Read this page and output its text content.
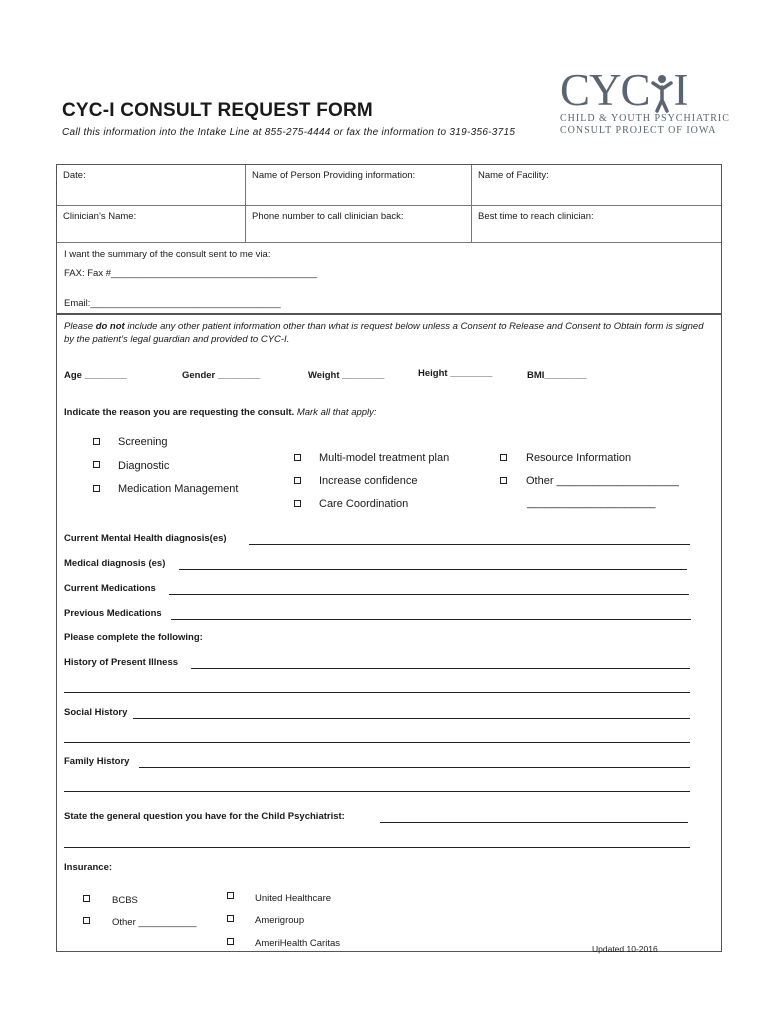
CYC-I CONSULT REQUEST FORM
Call this information into the Intake Line at 855-275-4444 or fax the information to 319-356-3715
CYC I
CHILD & YOUTH PSYCHIATRIC
CONSULT PROJECT OF IOWA
Date:	Name of Person Providing information:	Name of Facility:
Clinician’s Name:	Phone number to call clinician back:	Best time to reach clinician:
I want the summary of the consult sent to me via:
FAX: Fax #_______________________________________
Email:____________________________________
Please do not include any other patient information other than what is request below unless a Consent to Release and Consent to Obtain form is signed by the patient’s legal guardian and provided to CYC-I.
Age ________	Gender ________	Weight ________	Height ________	BMI________
Indicate the reason you are requesting the consult. Mark all that apply:
Screening
Diagnostic
Medication Management
Multi-model treatment plan
Increase confidence
Care Coordination
Resource Information
Other ____________________
_____________________
Current Mental Health diagnosis(es)
Medical diagnosis (es)
Current Medications
Previous Medications
Please complete the following:
History of Present Illness
Social History
Family History
State the general question you have for the Child Psychiatrist:
Insurance:
BCBS
Other ___________
United Healthcare
Amerigroup
AmeriHealth Caritas	Updated 10-2016
